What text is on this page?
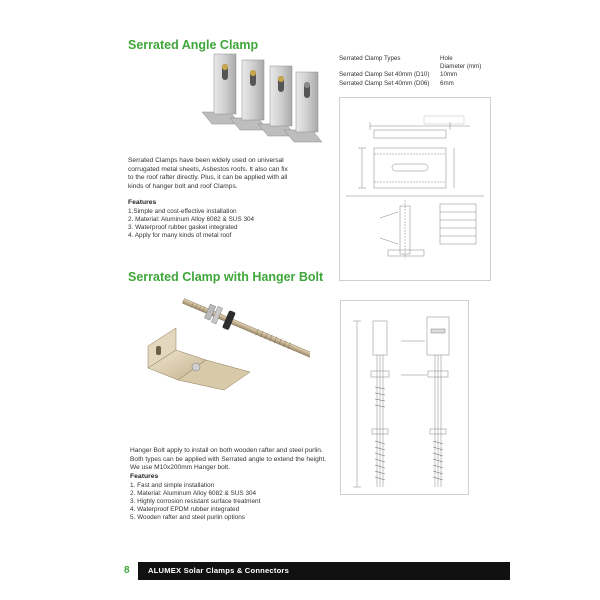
Serrated Angle Clamp
Serrated Clamp Types	Hole
	Diameter (mm)
Serrated Clamp Set 40mm (D10)	10mm
Serrated Clamp Set 40mm (D06)	6mm
Serrated Clamps have been widely used on universal corrugated metal sheets, Asbestos roofs. It also can fix to the roof rafter directly. Plus, it can be applied with all kinds of hanger bolt and roof Clamps.
Features
1.Simple and cost-effective installation
2. Material: Aluminum Alloy 6082 & SUS 304
3. Waterproof rubber gasket integrated
4. Apply for many kinds of metal roof
Serrated Clamp with Hanger Bolt
Hanger Bolt apply to install on both wooden rafter and steel purlin. Both types can be applied with Serrated angle to extend the height. We use M10x200mm Hanger bolt.
Features
1. Fast and simple installation
2. Material: Aluminum Alloy 6082 & SUS 304
3. Highly corrosion resistant surface treatment
4. Waterproof EPDM rubber integrated
5. Wooden rafter and steel purlin options
8 ALUMEX Solar Clamps & Connectors
